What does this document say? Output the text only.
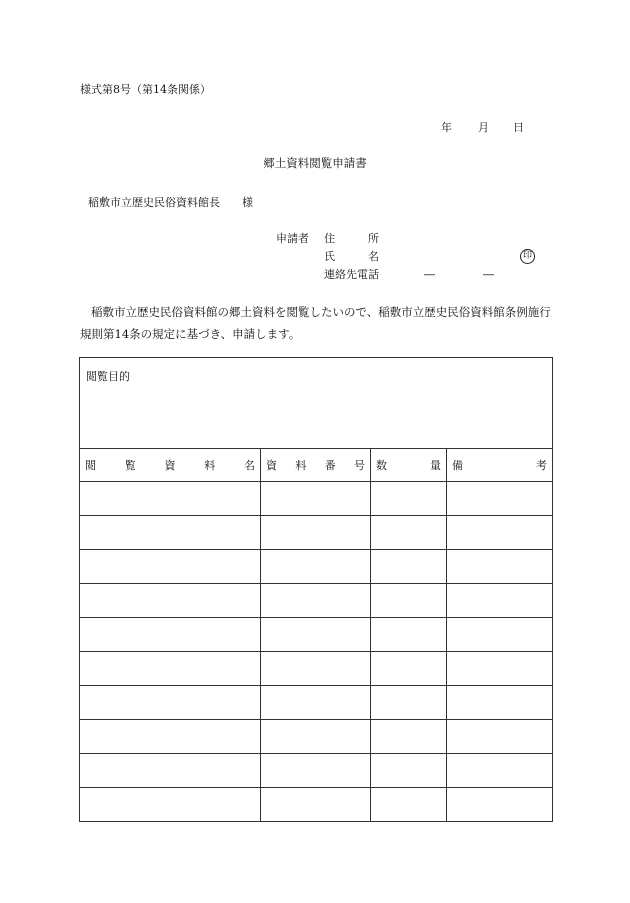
様式第8号（第14条関係）
年 月 日
郷土資料閲覧申請書
稲敷市立歴史民俗資料館長　　様
申請者	住　　　所
氏　　　名
連絡先電話	―	―
印
稲敷市立歴史民俗資料館の郷土資料を閲覧したいので、稲敷市立歴史民俗資料館条例施行規則第14条の規定に基づき、申請します。
閲覧目的			

閲 覧 資 料 名	資 料 番 号	数 量	備 考
